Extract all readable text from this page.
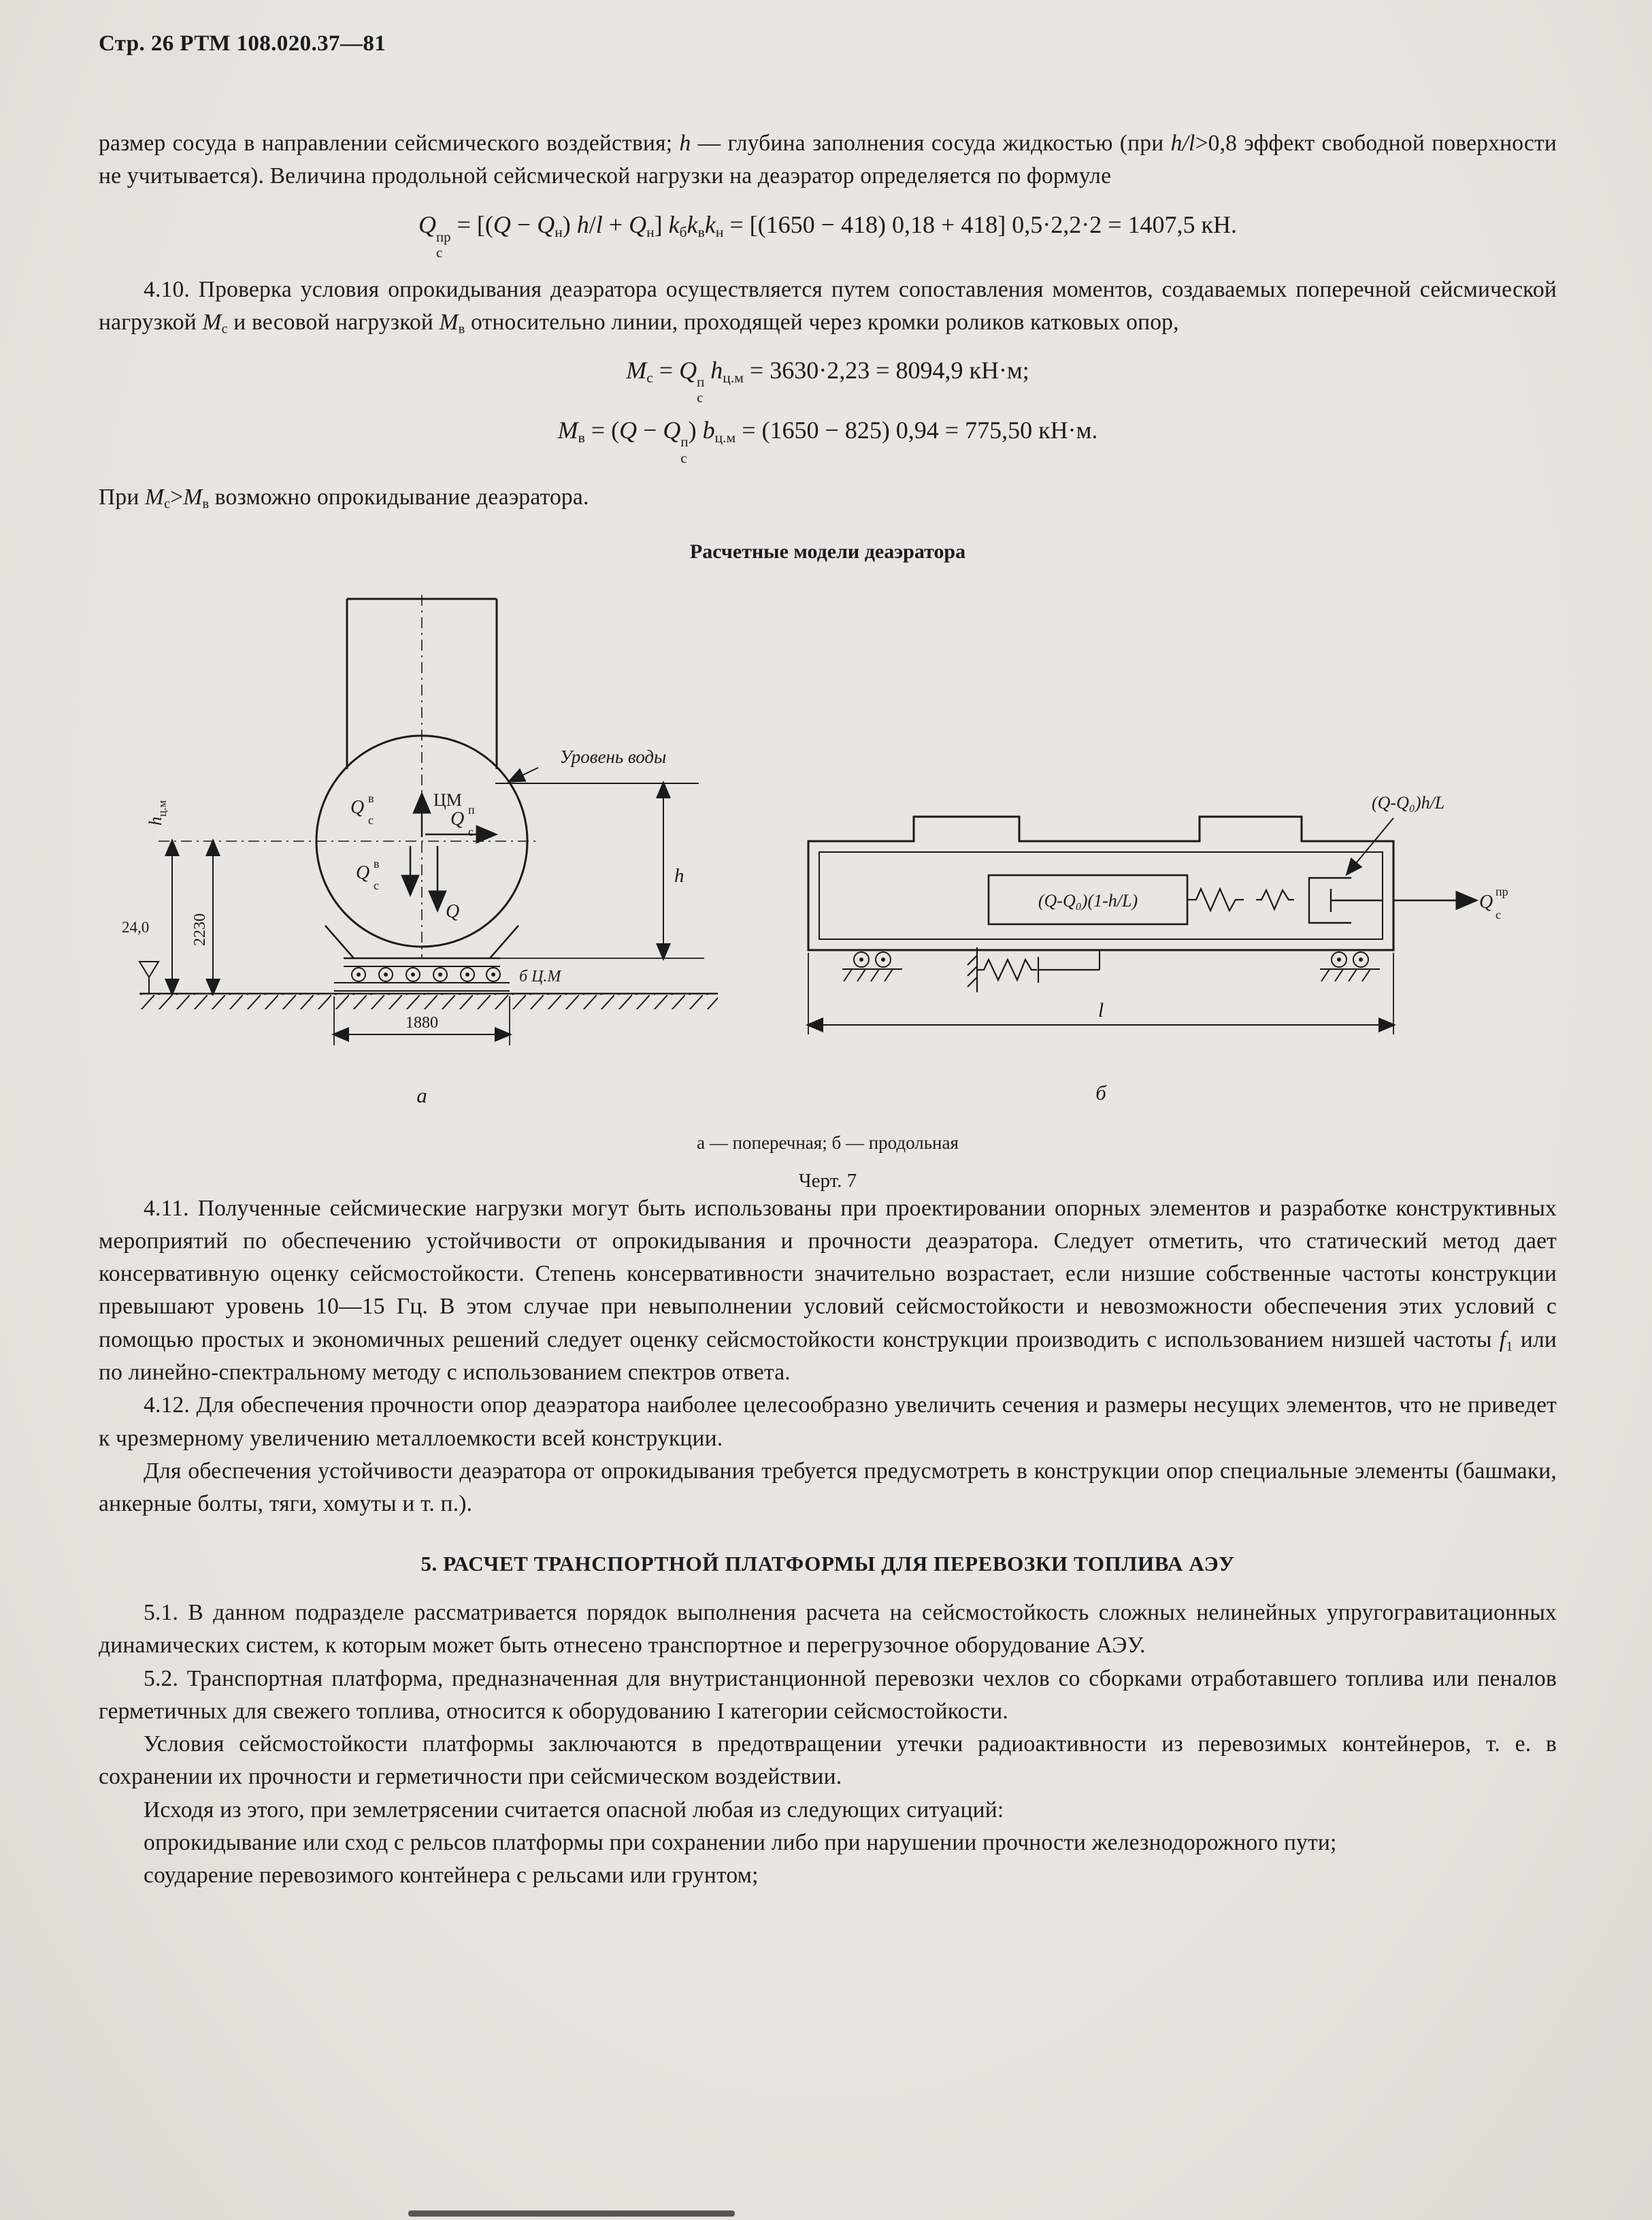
Стр. 26 РТМ 108.020.37—81

размер сосуда в направлении сейсмического воздействия; h — глубина заполнения сосуда жидкостью (при h/l>0,8 эффект свободной поверхности не учитывается). Величина продольной сейсмической нагрузки на деаэратор определяется по формуле

Q пр
с
= [(Q − Qн) h/l + Qн] kбkвkн = [(1650 − 418) 0,18 + 418] 0,5·2,2·2 = 1407,5 кН.

4.10. Проверка условия опрокидывания деаэратора осуществляется путем сопоставления моментов, создаваемых поперечной сейсмической нагрузкой Mс и весовой нагрузкой Mв относительно линии, проходящей через кромки роликов катковых опор,

Mс = Q п
с
hц.м = 3630·2,23 = 8094,9 кН·м;
Mв = (Q − Q п
с
) bц.м = (1650 − 825) 0,94 = 775,50 кН·м.

При Mс>Mв возможно опрокидывание деаэратора.

Расчетные модели деаэратора
Уровень воды
ЦМ
Q в
с	Q п
с
Q в
с
Q
24,0
$h_{ц.м}$
2230
h
б Ц.М
1880
а
(Q-Q₀)(1-h/L)
(Q-Q₀)h/L
Q пр
с
l
б
а — поперечная; б — продольная
Черт. 7

4.11. Полученные сейсмические нагрузки могут быть использованы при проектировании опорных элементов и разработке конструктивных мероприятий по обеспечению устойчивости от опрокидывания и прочности деаэратора. Следует отметить, что статический метод дает консервативную оценку сейсмостойкости. Степень консервативности значительно возрастает, если низшие собственные частоты конструкции превышают уровень 10—15 Гц. В этом случае при невыполнении условий сейсмостойкости и невозможности обеспечения этих условий с помощью простых и экономичных решений следует оценку сейсмостойкости конструкции производить с использованием низшей частоты f1 или по линейно-спектральному методу с использованием спектров ответа.

4.12. Для обеспечения прочности опор деаэратора наиболее целесообразно увеличить сечения и размеры несущих элементов, что не приведет к чрезмерному увеличению металлоемкости всей конструкции.

Для обеспечения устойчивости деаэратора от опрокидывания требуется предусмотреть в конструкции опор специальные элементы (башмаки, анкерные болты, тяги, хомуты и т. п.).

5. РАСЧЕТ ТРАНСПОРТНОЙ ПЛАТФОРМЫ ДЛЯ ПЕРЕВОЗКИ ТОПЛИВА АЭУ

5.1. В данном подразделе рассматривается порядок выполнения расчета на сейсмостойкость сложных нелинейных упругогравитационных динамических систем, к которым может быть отнесено транспортное и перегрузочное оборудование АЭУ.

5.2. Транспортная платформа, предназначенная для внутристанционной перевозки чехлов со сборками отработавшего топлива или пеналов герметичных для свежего топлива, относится к оборудованию I категории сейсмостойкости.

Условия сейсмостойкости платформы заключаются в предотвращении утечки радиоактивности из перевозимых контейнеров, т. е. в сохранении их прочности и герметичности при сейсмическом воздействии.

Исходя из этого, при землетрясении считается опасной любая из следующих ситуаций:

опрокидывание или сход с рельсов платформы при сохранении либо при нарушении прочности железнодорожного пути;

соударение перевозимого контейнера с рельсами или грунтом;
